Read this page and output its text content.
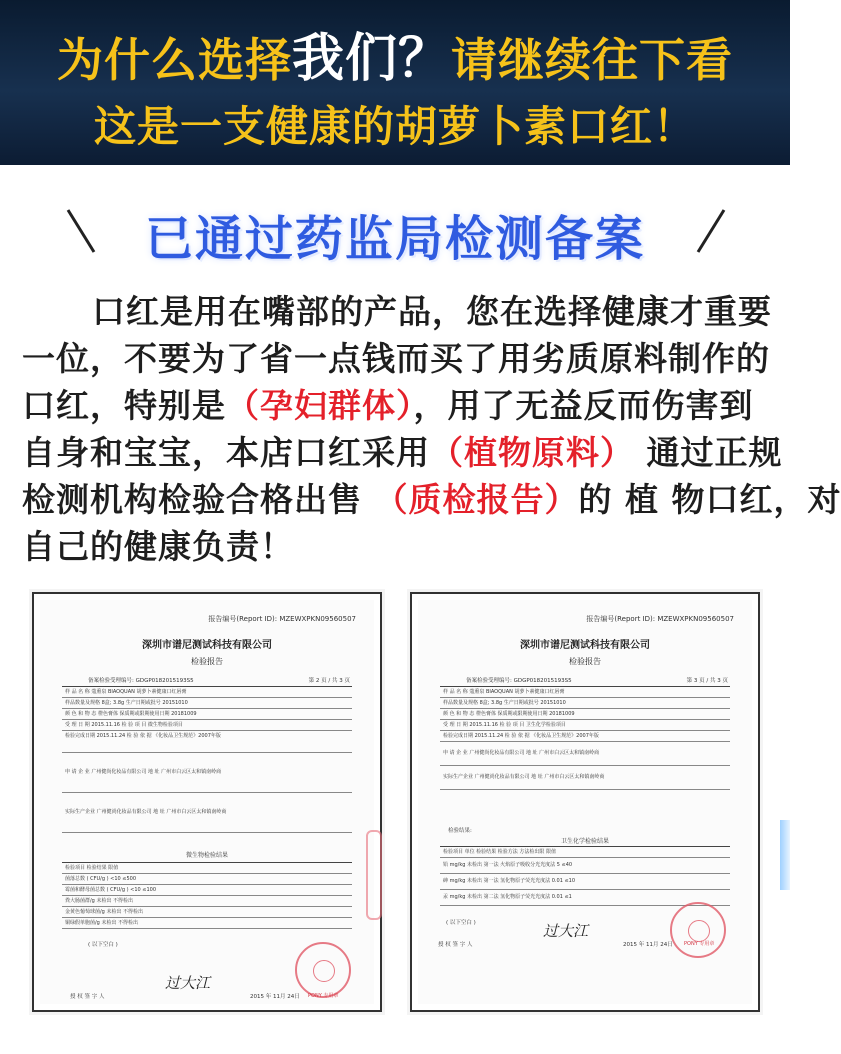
为什么选择我们？请继续往下看
这是一支健康的胡萝卜素口红！
已通过药监局检测备案
口红是用在嘴部的产品，您在选择健康才重要
一位，不要为了省一点钱而买了用劣质原料制作的
口红，特别是（孕妇群体），用了无益反而伤害到
自身和宝宝，本店口红采用（植物原料） 通过正规
检测机构检验合格出售 （质检报告）的 植 物口红，对
自己的健康负责！
报告编号(Report ID): MZEWXPKN09560507
深圳市谱尼测试科技有限公司
检验报告
备案检验受理编号: GDGP0182015193S5	第 2 页 / 共 3 页
样 品 名 称 蔻熏泉 BIAOQUAN 胡萝卜素健康口红唇膏
样品数量及规格 8盒; 3.8g 生产日期或批号 20151010
颜 色 和 物 态 橙色膏体 保质期或限期使用日期 20181009
受 理 日 期 2015.11.16 检 验 项 目 微生物检验项目
检验完成日期 2015.11.24 检 验 依 据 《化妆品卫生规范》2007年版
申 请 企 业 广州健尚化妆品有限公司 地 址 广州市白云区太和镇南岭商
实际生产企业 广州健尚化妆品有限公司 地 址 广州市白云区太和镇南岭商
微生物检验结果
检验项目 检验结果 限值
菌落总数 ( CFU/g ) <10 ≤500
霉菌和酵母菌总数 ( CFU/g ) <10 ≤100
粪大肠菌群/g 未检出 不得检出
金黄色葡萄球菌/g 未检出 不得检出
铜绿假单胞菌/g 未检出 不得检出
( 以下空白 )
授 权 签 字 人
过大江
2015 年 11月 24日 PONY 专用章
报告编号(Report ID): MZEWXPKN09560507
深圳市谱尼测试科技有限公司
检验报告
备案检验受理编号: GDGP0182015193S5	第 3 页 / 共 3 页
样 品 名 称 蔻熏泉 BIAOQUAN 胡萝卜素健康口红唇膏
样品数量及规格 8盒; 3.8g 生产日期或批号 20151010
颜 色 和 物 态 橙色膏体 保质期或限期使用日期 20181009
受 理 日 期 2015.11.16 检 验 项 目 卫生化学检验项目
检验完成日期 2015.11.24 检 验 依 据 《化妆品卫生规范》2007年版
申 请 企 业 广州健尚化妆品有限公司 地 址 广州市白云区太和镇南岭商
实际生产企业 广州健尚化妆品有限公司 地 址 广州市白云区太和镇南岭商
检验结果:
卫生化学检验结果
检验项目 单位 检验结果 检验方法 方法检出限 限值
铅 mg/kg 未检出 第一法 火焰原子吸收分光光度法 5 ≤40
砷 mg/kg 未检出 第一法 氢化物原子荧光光度法 0.01 ≤10
汞 mg/kg 未检出 第二法 氢化物原子荧光光度法 0.01 ≤1
( 以下空白 )
授 权 签 字 人
过大江
2015 年 11月 24日 PONY 专用章
